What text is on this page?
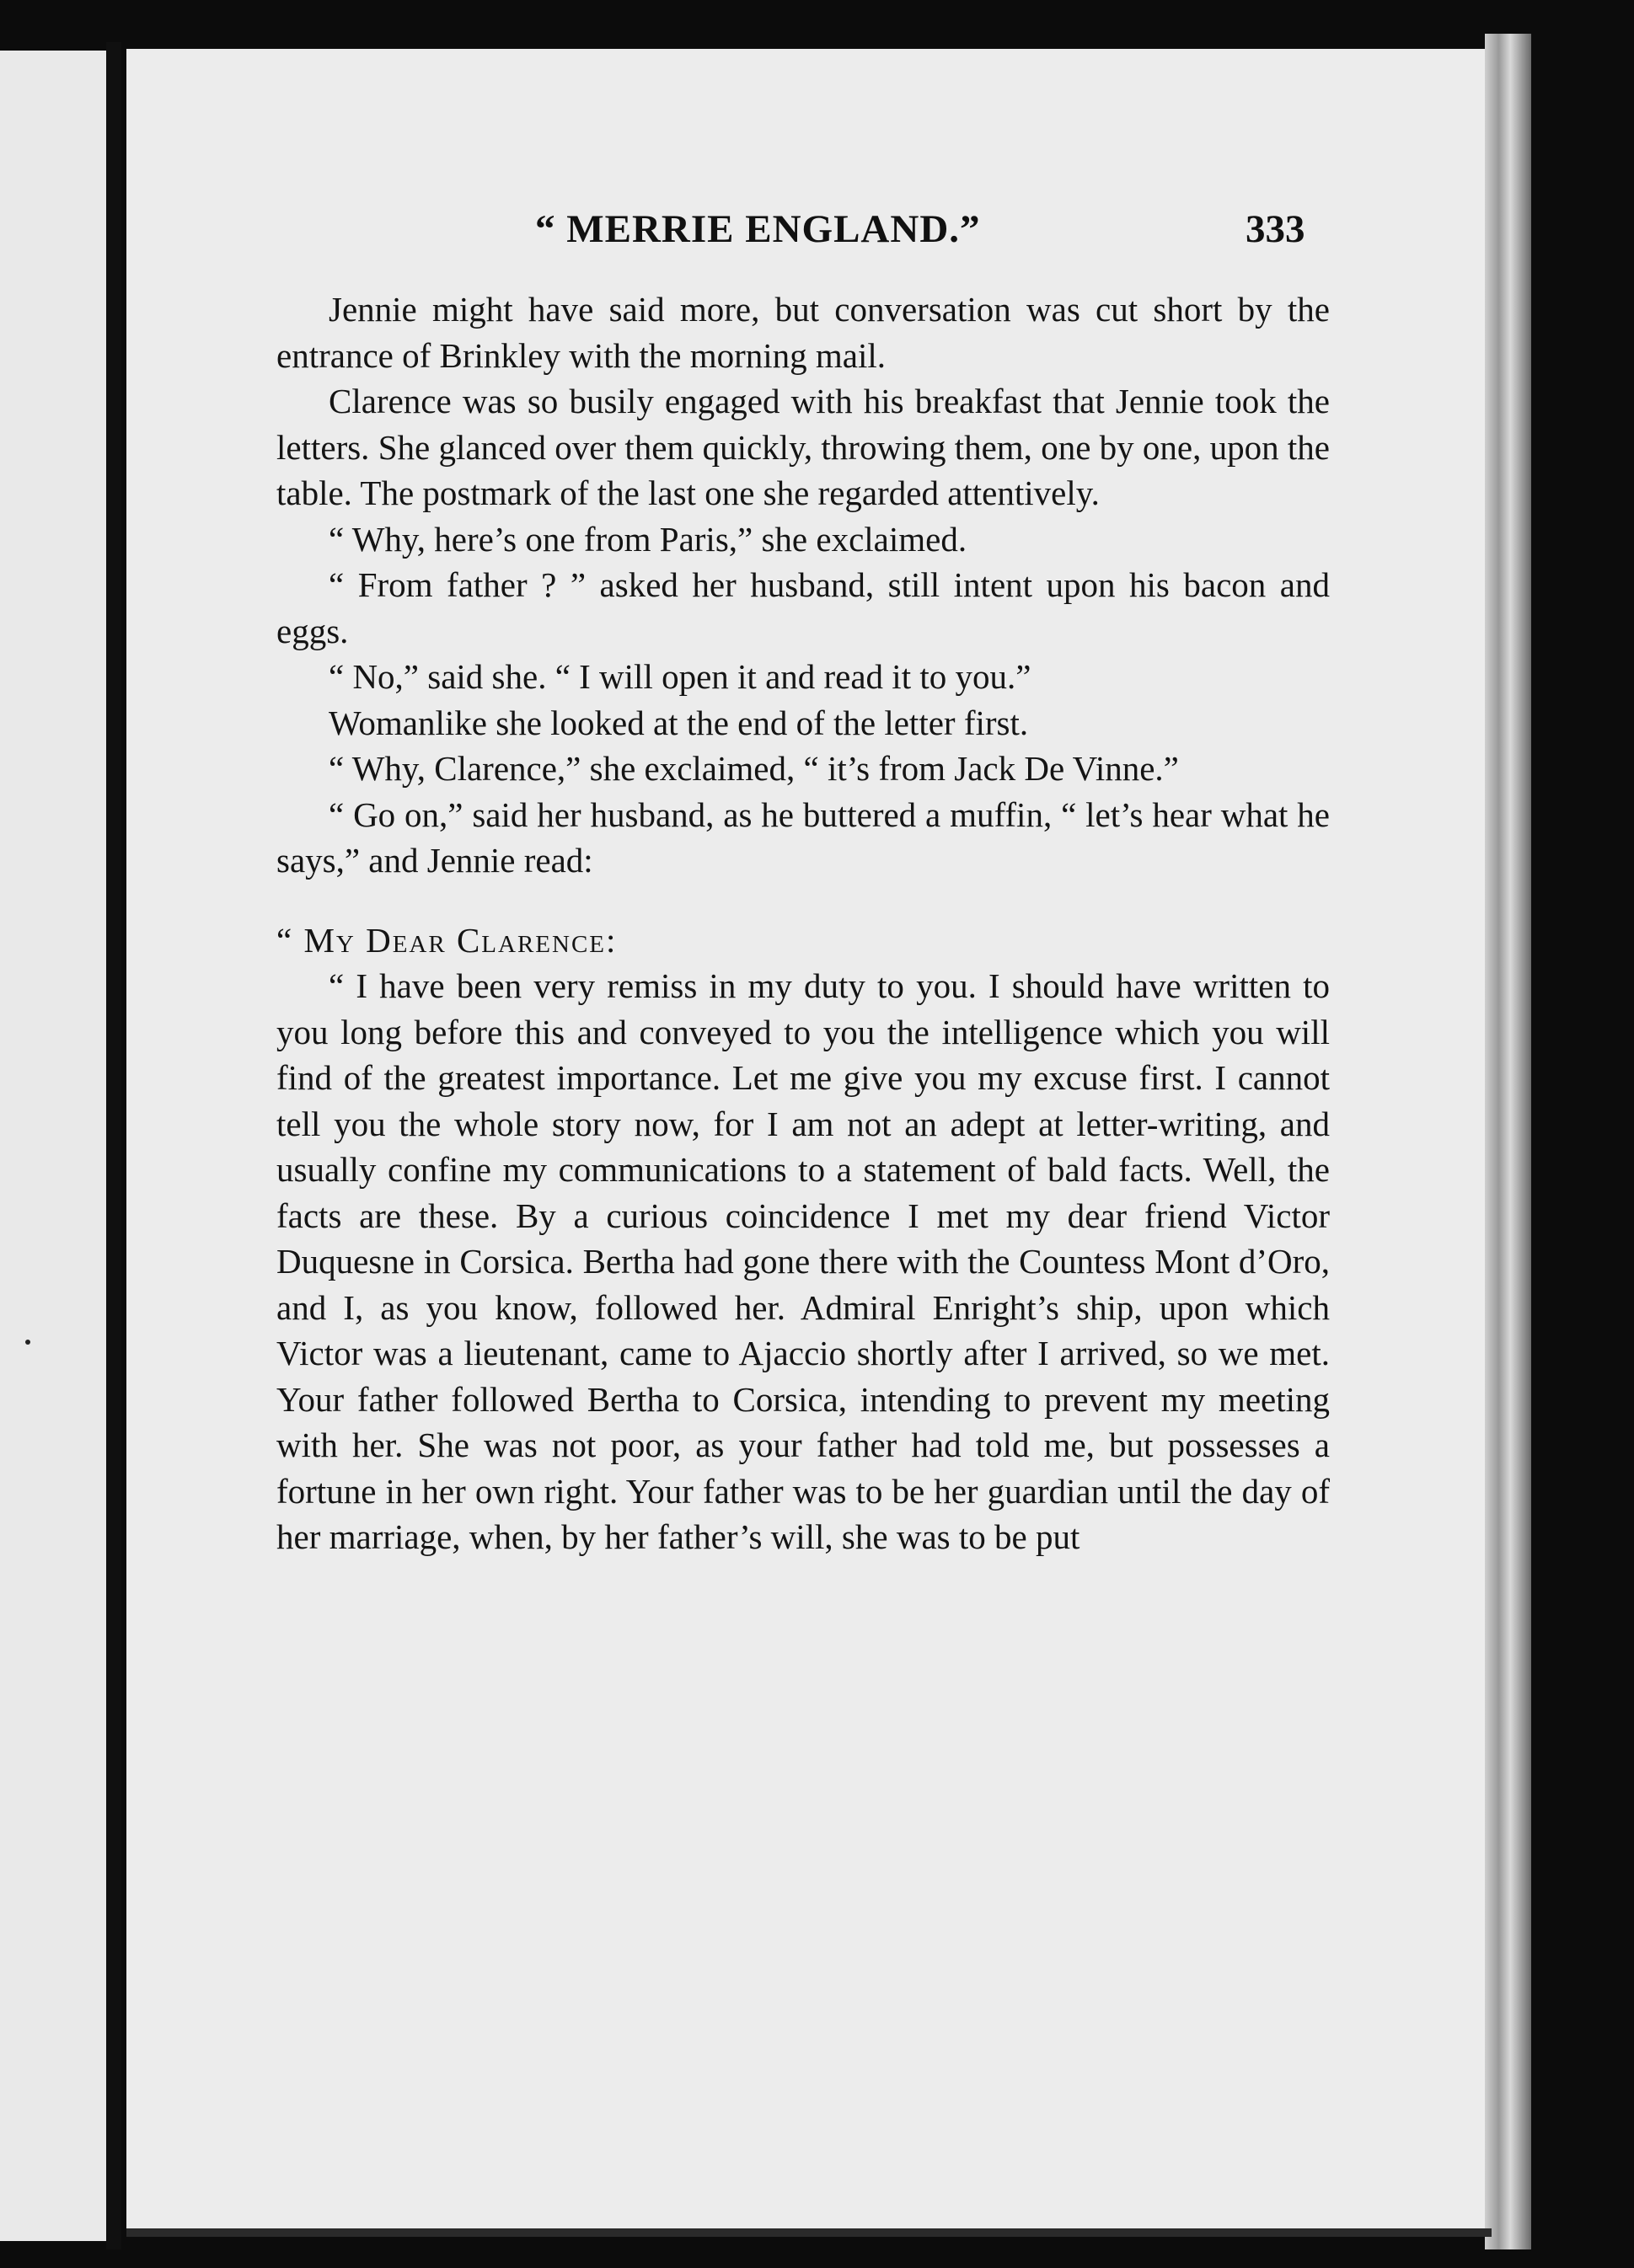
“ MERRIE ENGLAND.”	333

Jennie might have said more, but conversation was cut short by the entrance of Brinkley with the morning mail.

Clarence was so busily engaged with his breakfast that Jennie took the letters. She glanced over them quickly, throwing them, one by one, upon the table. The postmark of the last one she regarded attentively.

“ Why, here’s one from Paris,” she exclaimed.

“ From father ? ” asked her husband, still intent upon his bacon and eggs.

“ No,” said she. “ I will open it and read it to you.”

Womanlike she looked at the end of the letter first.

“ Why, Clarence,” she exclaimed, “ it’s from Jack De Vinne.”

“ Go on,” said her husband, as he buttered a muffin, “ let’s hear what he says,” and Jennie read:

“ My Dear Clarence:

“ I have been very remiss in my duty to you. I should have written to you long before this and conveyed to you the intelligence which you will find of the greatest importance. Let me give you my excuse first. I cannot tell you the whole story now, for I am not an adept at letter-writing, and usually confine my communications to a statement of bald facts. Well, the facts are these. By a curious coincidence I met my dear friend Victor Duquesne in Corsica. Bertha had gone there with the Countess Mont d’Oro, and I, as you know, followed her. Admiral Enright’s ship, upon which Victor was a lieutenant, came to Ajaccio shortly after I arrived, so we met. Your father followed Bertha to Corsica, intending to prevent my meeting with her. She was not poor, as your father had told me, but possesses a fortune in her own right. Your father was to be her guardian until the day of her marriage, when, by her father’s will, she was to be put
